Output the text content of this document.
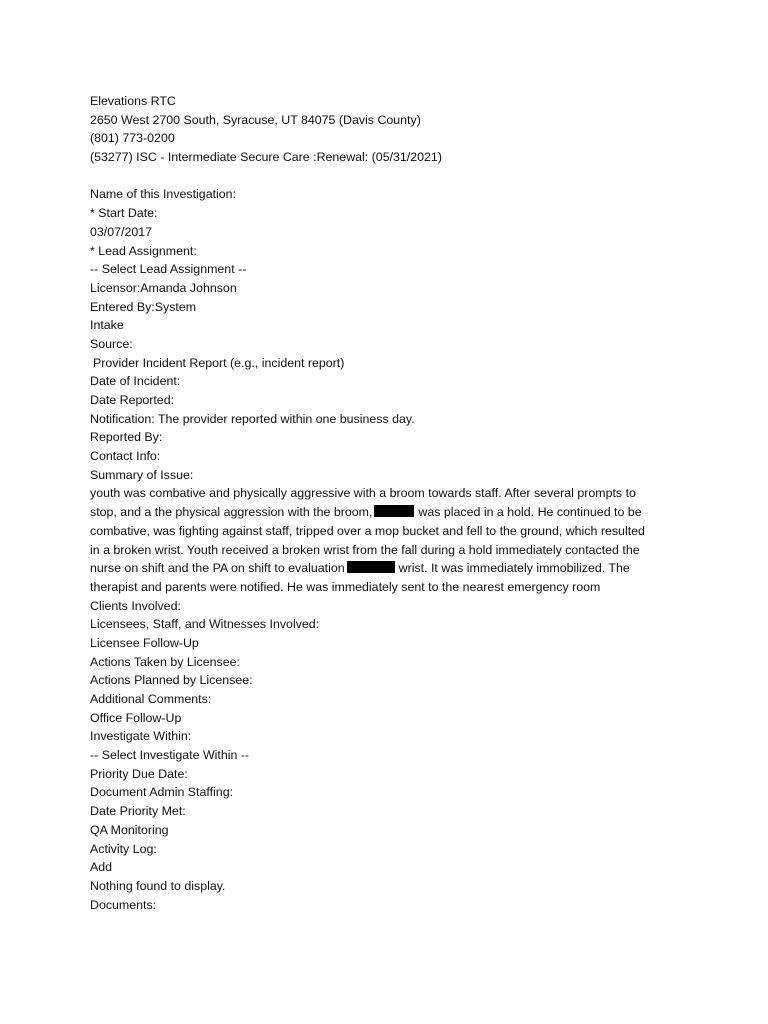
Elevations RTC
2650 West 2700 South, Syracuse, UT 84075 (Davis County)
(801) 773-0200
(53277) ISC - Intermediate Secure Care :Renewal: (05/31/2021)
Name of this Investigation:
* Start Date:
03/07/2017
* Lead Assignment:
-- Select Lead Assignment --
Licensor:Amanda Johnson
Entered By:System
Intake
Source:
Provider Incident Report (e.g., incident report)
Date of Incident:
Date Reported:
Notification: The provider reported within one business day.
Reported By:
Contact Info:
Summary of Issue:
youth was combative and physically aggressive with a broom towards staff. After several prompts to
stop, and a the physical aggression with the broom,	was placed in a hold. He continued to be
combative, was fighting against staff, tripped over a mop bucket and fell to the ground, which resulted
in a broken wrist. Youth received a broken wrist from the fall during a hold immediately contacted the
nurse on shift and the PA on shift to evaluation	wrist. It was immediately immobilized. The
therapist and parents were notified. He was immediately sent to the nearest emergency room
Clients Involved:
Licensees, Staff, and Witnesses Involved:
Licensee Follow-Up
Actions Taken by Licensee:
Actions Planned by Licensee:
Additional Comments:
Office Follow-Up
Investigate Within:
-- Select Investigate Within --
Priority Due Date:
Document Admin Staffing:
Date Priority Met:
QA Monitoring
Activity Log:
Add
Nothing found to display.
Documents:
